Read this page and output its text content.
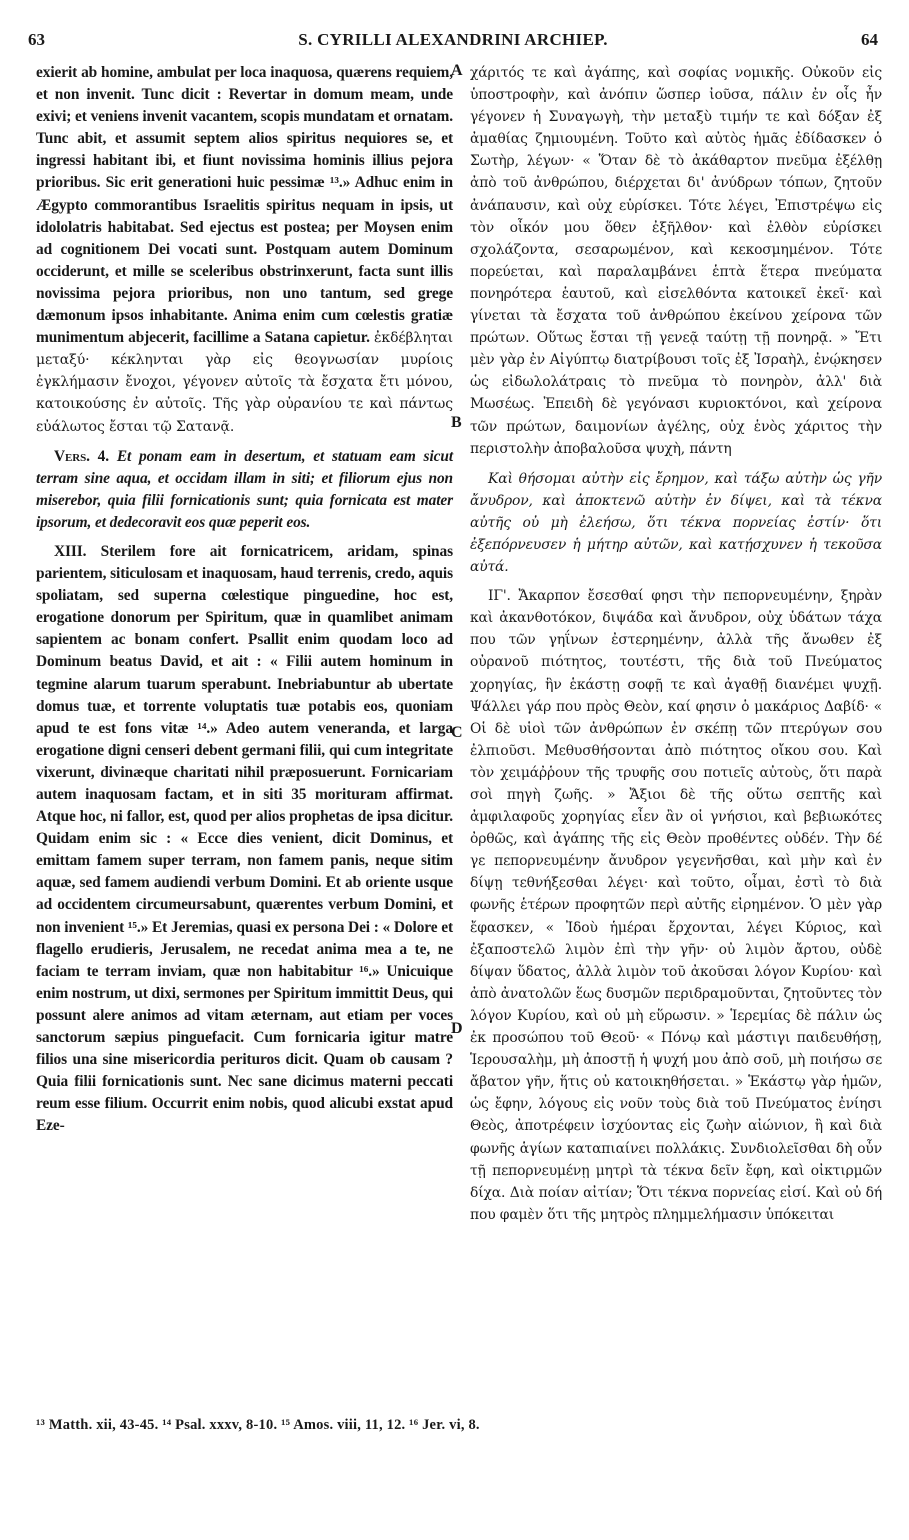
63	S. CYRILLI ALEXANDRINI ARCHIEP.	64
A
B
C
D

exierit ab homine, ambulat per loca inaquosa, quærens requiem, et non invenit. Tunc dicit : Revertar in domum meam, unde exivi; et veniens invenit vacantem, scopis mundatam et ornatam. Tunc abit, et assumit septem alios spiritus nequiores se, et ingressi habitant ibi, et fiunt novissima hominis illius pejora prioribus. Sic erit generationi huic pessimæ ¹³.» Adhuc enim in Ægypto commorantibus Israelitis spiritus nequam in ipsis, ut idololatris habitabat. Sed ejectus est postea; per Moysen enim ad cognitionem Dei vocati sunt. Postquam autem Dominum occiderunt, et mille se sceleribus obstrinxerunt, facta sunt illis novissima pejora prioribus, non uno tantum, sed grege dæmonum ipsos inhabitante. Anima enim cum cœlestis gratiæ munimentum abjecerit, facillime a Satana capietur. ἐκδέβληται μεταξύ· κέκληνται γὰρ εἰς θεογνωσίαν μυρίοις ἐγκλήμασιν ἔνοχοι, γέγονεν αὐτοῖς τὰ ἔσχατα ἔτι μόνου, κατοικούσης ἐν αὐτοῖς. Τῆς γὰρ οὐρανίου τε καὶ πάντως εὐάλωτος ἔσται τῷ Σατανᾷ.

Vers. 4. Et ponam eam in desertum, et statuam eam sicut terram sine aqua, et occidam illam in siti; et filiorum ejus non miserebor, quia filii fornicationis sunt; quia fornicata est mater ipsorum, et dedecoravit eos quæ peperit eos.

XIII. Sterilem fore ait fornicatricem, aridam, spinas parientem, siticulosam et inaquosam, haud terrenis, credo, aquis spoliatam, sed superna cœlestique pinguedine, hoc est, erogatione donorum per Spiritum, quæ in quamlibet animam sapientem ac bonam confert. Psallit enim quodam loco ad Dominum beatus David, et ait : « Filii autem hominum in tegmine alarum tuarum sperabunt. Inebriabuntur ab ubertate domus tuæ, et torrente voluptatis tuæ potabis eos, quoniam apud te est fons vitæ ¹⁴.» Adeo autem veneranda, et larga erogatione digni censeri debent germani filii, qui cum integritate vixerunt, divinæque charitati nihil præposuerunt. Fornicariam autem inaquosam factam, et in siti 35 morituram affirmat. Atque hoc, ni fallor, est, quod per alios prophetas de ipsa dicitur. Quidam enim sic : « Ecce dies venient, dicit Dominus, et emittam famem super terram, non famem panis, neque sitim aquæ, sed famem audiendi verbum Domini. Et ab oriente usque ad occidentem circumeursabunt, quærentes verbum Domini, et non invenient ¹⁵.» Et Jeremias, quasi ex persona Dei : « Dolore et flagello erudieris, Jerusalem, ne recedat anima mea a te, ne faciam te terram inviam, quæ non habitabitur ¹⁶.» Unicuique enim nostrum, ut dixi, sermones per Spiritum immittit Deus, qui possunt alere animos ad vitam æternam, aut etiam per voces sanctorum sæpius pinguefacit. Cum fornicaria igitur matre filios una sine misericordia perituros dicit. Quam ob causam ? Quia filii fornicationis sunt. Nec sane dicimus materni peccati reum esse filium. Occurrit enim nobis, quod alicubi exstat apud Eze-

χάριτός τε καὶ ἀγάπης, καὶ σοφίας νομικῆς. Οὐκοῦν εἰς ὑποστροφὴν, καὶ ἀνόπιν ὥσπερ ἰοῦσα, πάλιν ἐν οἷς ἦν γέγονεν ἡ Συναγωγὴ, τὴν μεταξὺ τιμήν τε καὶ δόξαν ἐξ ἀμαθίας ζημιουμένη. Τοῦτο καὶ αὐτὸς ἡμᾶς ἐδίδασκεν ὁ Σωτὴρ, λέγων· « Ὅταν δὲ τὸ ἀκάθαρτον πνεῦμα ἐξέλθῃ ἀπὸ τοῦ ἀνθρώπου, διέρχεται δι' ἀνύδρων τόπων, ζητοῦν ἀνάπαυσιν, καὶ οὐχ εὑρίσκει. Τότε λέγει, Ἐπιστρέψω εἰς τὸν οἶκόν μου ὅθεν ἐξῆλθον· καὶ ἐλθὸν εὑρίσκει σχολάζοντα, σεσαρωμένον, καὶ κεκοσμημένον. Τότε πορεύεται, καὶ παραλαμβάνει ἑπτὰ ἕτερα πνεύματα πονηρότερα ἑαυτοῦ, καὶ εἰσελθόντα κατοικεῖ ἐκεῖ· καὶ γίνεται τὰ ἔσχατα τοῦ ἀνθρώπου ἐκείνου χείρονα τῶν πρώτων. Οὕτως ἔσται τῇ γενεᾷ ταύτῃ τῇ πονηρᾷ. » Ἔτι μὲν γὰρ ἐν Αἰγύπτῳ διατρίβουσι τοῖς ἐξ Ἰσραὴλ, ἐνῴκησεν ὡς εἰδωλολάτραις τὸ πνεῦμα τὸ πονηρὸν, ἀλλ' διὰ Μωσέως. Ἐπειδὴ δὲ γεγόνασι κυριοκτόνοι, καὶ χείρονα τῶν πρώτων, δαιμονίων ἀγέλης, οὐχ ἑνὸς χάριτος τὴν περιστολὴν ἀποβαλοῦσα ψυχὴ, πάντη

Καὶ θήσομαι αὐτὴν εἰς ἔρημον, καὶ τάξω αὐτὴν ὡς γῆν ἄνυδρον, καὶ ἀποκτενῶ αὐτὴν ἐν δίψει, καὶ τὰ τέκνα αὐτῆς οὐ μὴ ἐλεήσω, ὅτι τέκνα πορνείας ἐστίν· ὅτι ἐξεπόρνευσεν ἡ μήτηρ αὐτῶν, καὶ κατῄσχυνεν ἡ τεκοῦσα αὐτά.

ΙΓ'. Ἄκαρπον ἔσεσθαί φησι τὴν πεπορνευμένην, ξηρὰν καὶ ἀκανθοτόκον, διψάδα καὶ ἄνυδρον, οὐχ ὑδάτων τάχα που τῶν γηΐνων ἐστερημένην, ἀλλὰ τῆς ἄνωθεν ἐξ οὐρανοῦ πιότητος, τουτέστι, τῆς διὰ τοῦ Πνεύματος χορηγίας, ἣν ἑκάστῃ σοφῇ τε καὶ ἀγαθῇ διανέμει ψυχῇ. Ψάλλει γάρ που πρὸς Θεὸν, καί φησιν ὁ μακάριος Δαβίδ· « Οἱ δὲ υἱοὶ τῶν ἀνθρώπων ἐν σκέπῃ τῶν πτερύγων σου ἐλπιοῦσι. Μεθυσθήσονται ἀπὸ πιότητος οἴκου σου. Καὶ τὸν χειμάῤῥουν τῆς τρυφῆς σου ποτιεῖς αὐτοὺς, ὅτι παρὰ σοὶ πηγὴ ζωῆς. » Ἄξιοι δὲ τῆς οὕτω σεπτῆς καὶ ἀμφιλαφοῦς χορηγίας εἶεν ἂν οἱ γνήσιοι, καὶ βεβιωκότες ὀρθῶς, καὶ ἀγάπης τῆς εἰς Θεὸν προθέντες οὐδέν. Τὴν δέ γε πεπορνευμένην ἄνυδρον γεγενῆσθαι, καὶ μὴν καὶ ἐν δίψῃ τεθνήξεσθαι λέγει· καὶ τοῦτο, οἶμαι, ἐστὶ τὸ διὰ φωνῆς ἑτέρων προφητῶν περὶ αὐτῆς εἰρημένον. Ὁ μὲν γὰρ ἔφασκεν, « Ἰδοὺ ἡμέραι ἔρχονται, λέγει Κύριος, καὶ ἐξαποστελῶ λιμὸν ἐπὶ τὴν γῆν· οὐ λιμὸν ἄρτου, οὐδὲ δίψαν ὕδατος, ἀλλὰ λιμὸν τοῦ ἀκοῦσαι λόγον Κυρίου· καὶ ἀπὸ ἀνατολῶν ἕως δυσμῶν περιδραμοῦνται, ζητοῦντες τὸν λόγον Κυρίου, καὶ οὐ μὴ εὕρωσιν. » Ἱερεμίας δὲ πάλιν ὡς ἐκ προσώπου τοῦ Θεοῦ· « Πόνῳ καὶ μάστιγι παιδευθήσῃ, Ἱερουσαλὴμ, μὴ ἀποστῇ ἡ ψυχή μου ἀπὸ σοῦ, μὴ ποιήσω σε ἄβατον γῆν, ἥτις οὐ κατοικηθήσεται. » Ἑκάστῳ γὰρ ἡμῶν, ὡς ἔφην, λόγους εἰς νοῦν τοὺς διὰ τοῦ Πνεύματος ἐνίησι Θεὸς, ἀποτρέφειν ἰσχύοντας εἰς ζωὴν αἰώνιον, ἢ καὶ διὰ φωνῆς ἁγίων καταπιαίνει πολλάκις. Συνδιολεῖσθαι δὴ οὖν τῇ πεπορνευμένῃ μητρὶ τὰ τέκνα δεῖν ἔφη, καὶ οἰκτιρμῶν δίχα. Διὰ ποίαν αἰτίαν; Ὅτι τέκνα πορνείας εἰσί. Καὶ οὐ δή που φαμὲν ὅτι τῆς μητρὸς πλημμελήμασιν ὑπόκειται

¹³ Matth. xii, 43-45. ¹⁴ Psal. xxxv, 8-10. ¹⁵ Amos. viii, 11, 12. ¹⁶ Jer. vi, 8.
